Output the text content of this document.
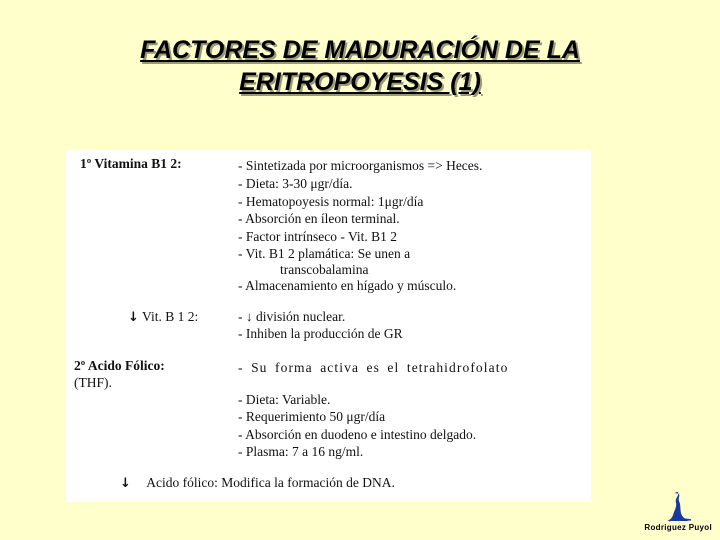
FACTORES DE MADURACIÓN DE LA
ERITROPOYESIS (1)
1º Vitamina B1 2:	- Sintetizada por microorganismos => Heces.
- Dieta: 3-30 μgr/día.
- Hematopoyesis normal: 1μgr/día
- Absorción en íleon terminal.
- Factor intrínseco - Vit. B1 2
- Vit. B1 2 plamática: Se unen a
transcobalamina
- Almacenamiento en hígado y músculo.
↓ Vit. B 1 2:	- ↓ división nuclear.
- Inhiben la producción de GR
2º Acido Fólico:
(THF).
- Su forma activa es el tetrahidrofolato
- Dieta: Variable.
- Requerimiento 50 μgr/día
- Absorción en duodeno e intestino delgado.
- Plasma: 7 a 16 ng/ml.
↓ Acido fólico: Modifica la formación de DNA.
Rodriguez Puyol
